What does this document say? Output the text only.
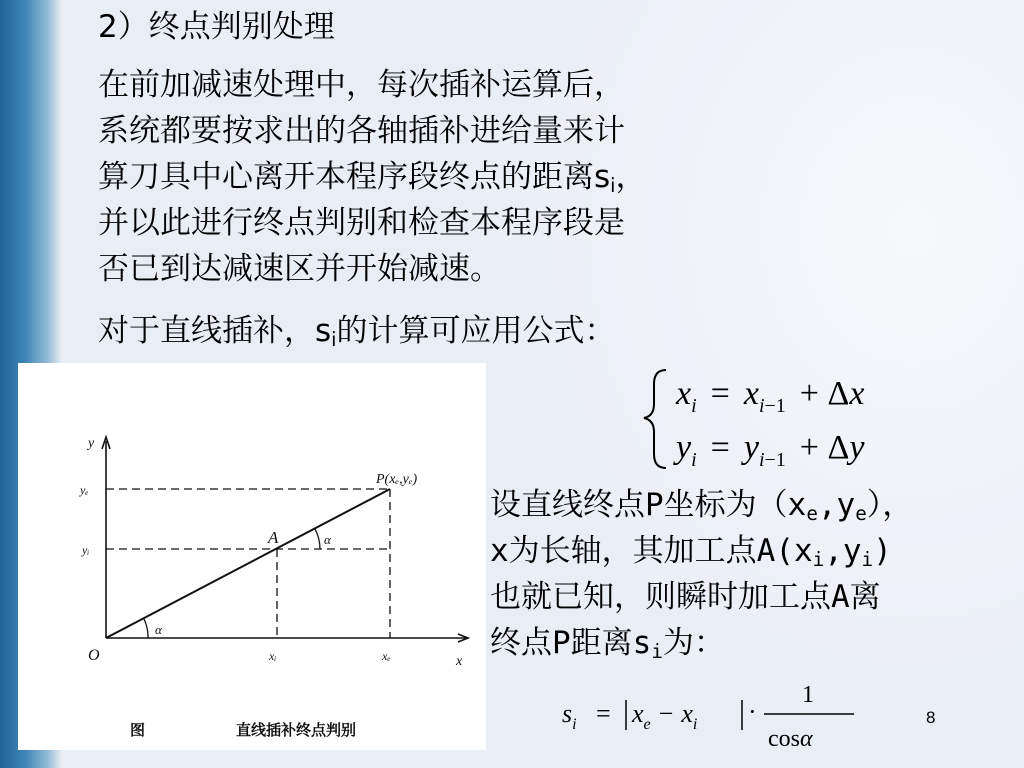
2）终点判别处理
在前加减速处理中，每次插补运算后，
系统都要按求出的各轴插补进给量来计
算刀具中心离开本程序段终点的距离$s_i$，
并以此进行终点判别和检查本程序段是
否已到达减速区并开始减速。
对于直线插补，$s_i$的计算可应用公式：
y
x
O
yₑ
yᵢ
xᵢ	xₑ
A
P(xₑ,yₑ)
α
α
图	直线插补终点判别
$x_i = x_i-1 + \Delta x$
$y_i = y_i-1 + \Delta y$
设直线终点P坐标为$(x_e,y_e)$，
x为长轴，其加工点$A(x_i,y_i)$
也就已知，则瞬时加工点A离
终点P距离$s_i$为：
$s_i = x_e - x_i$ ·
1
cosα
8
